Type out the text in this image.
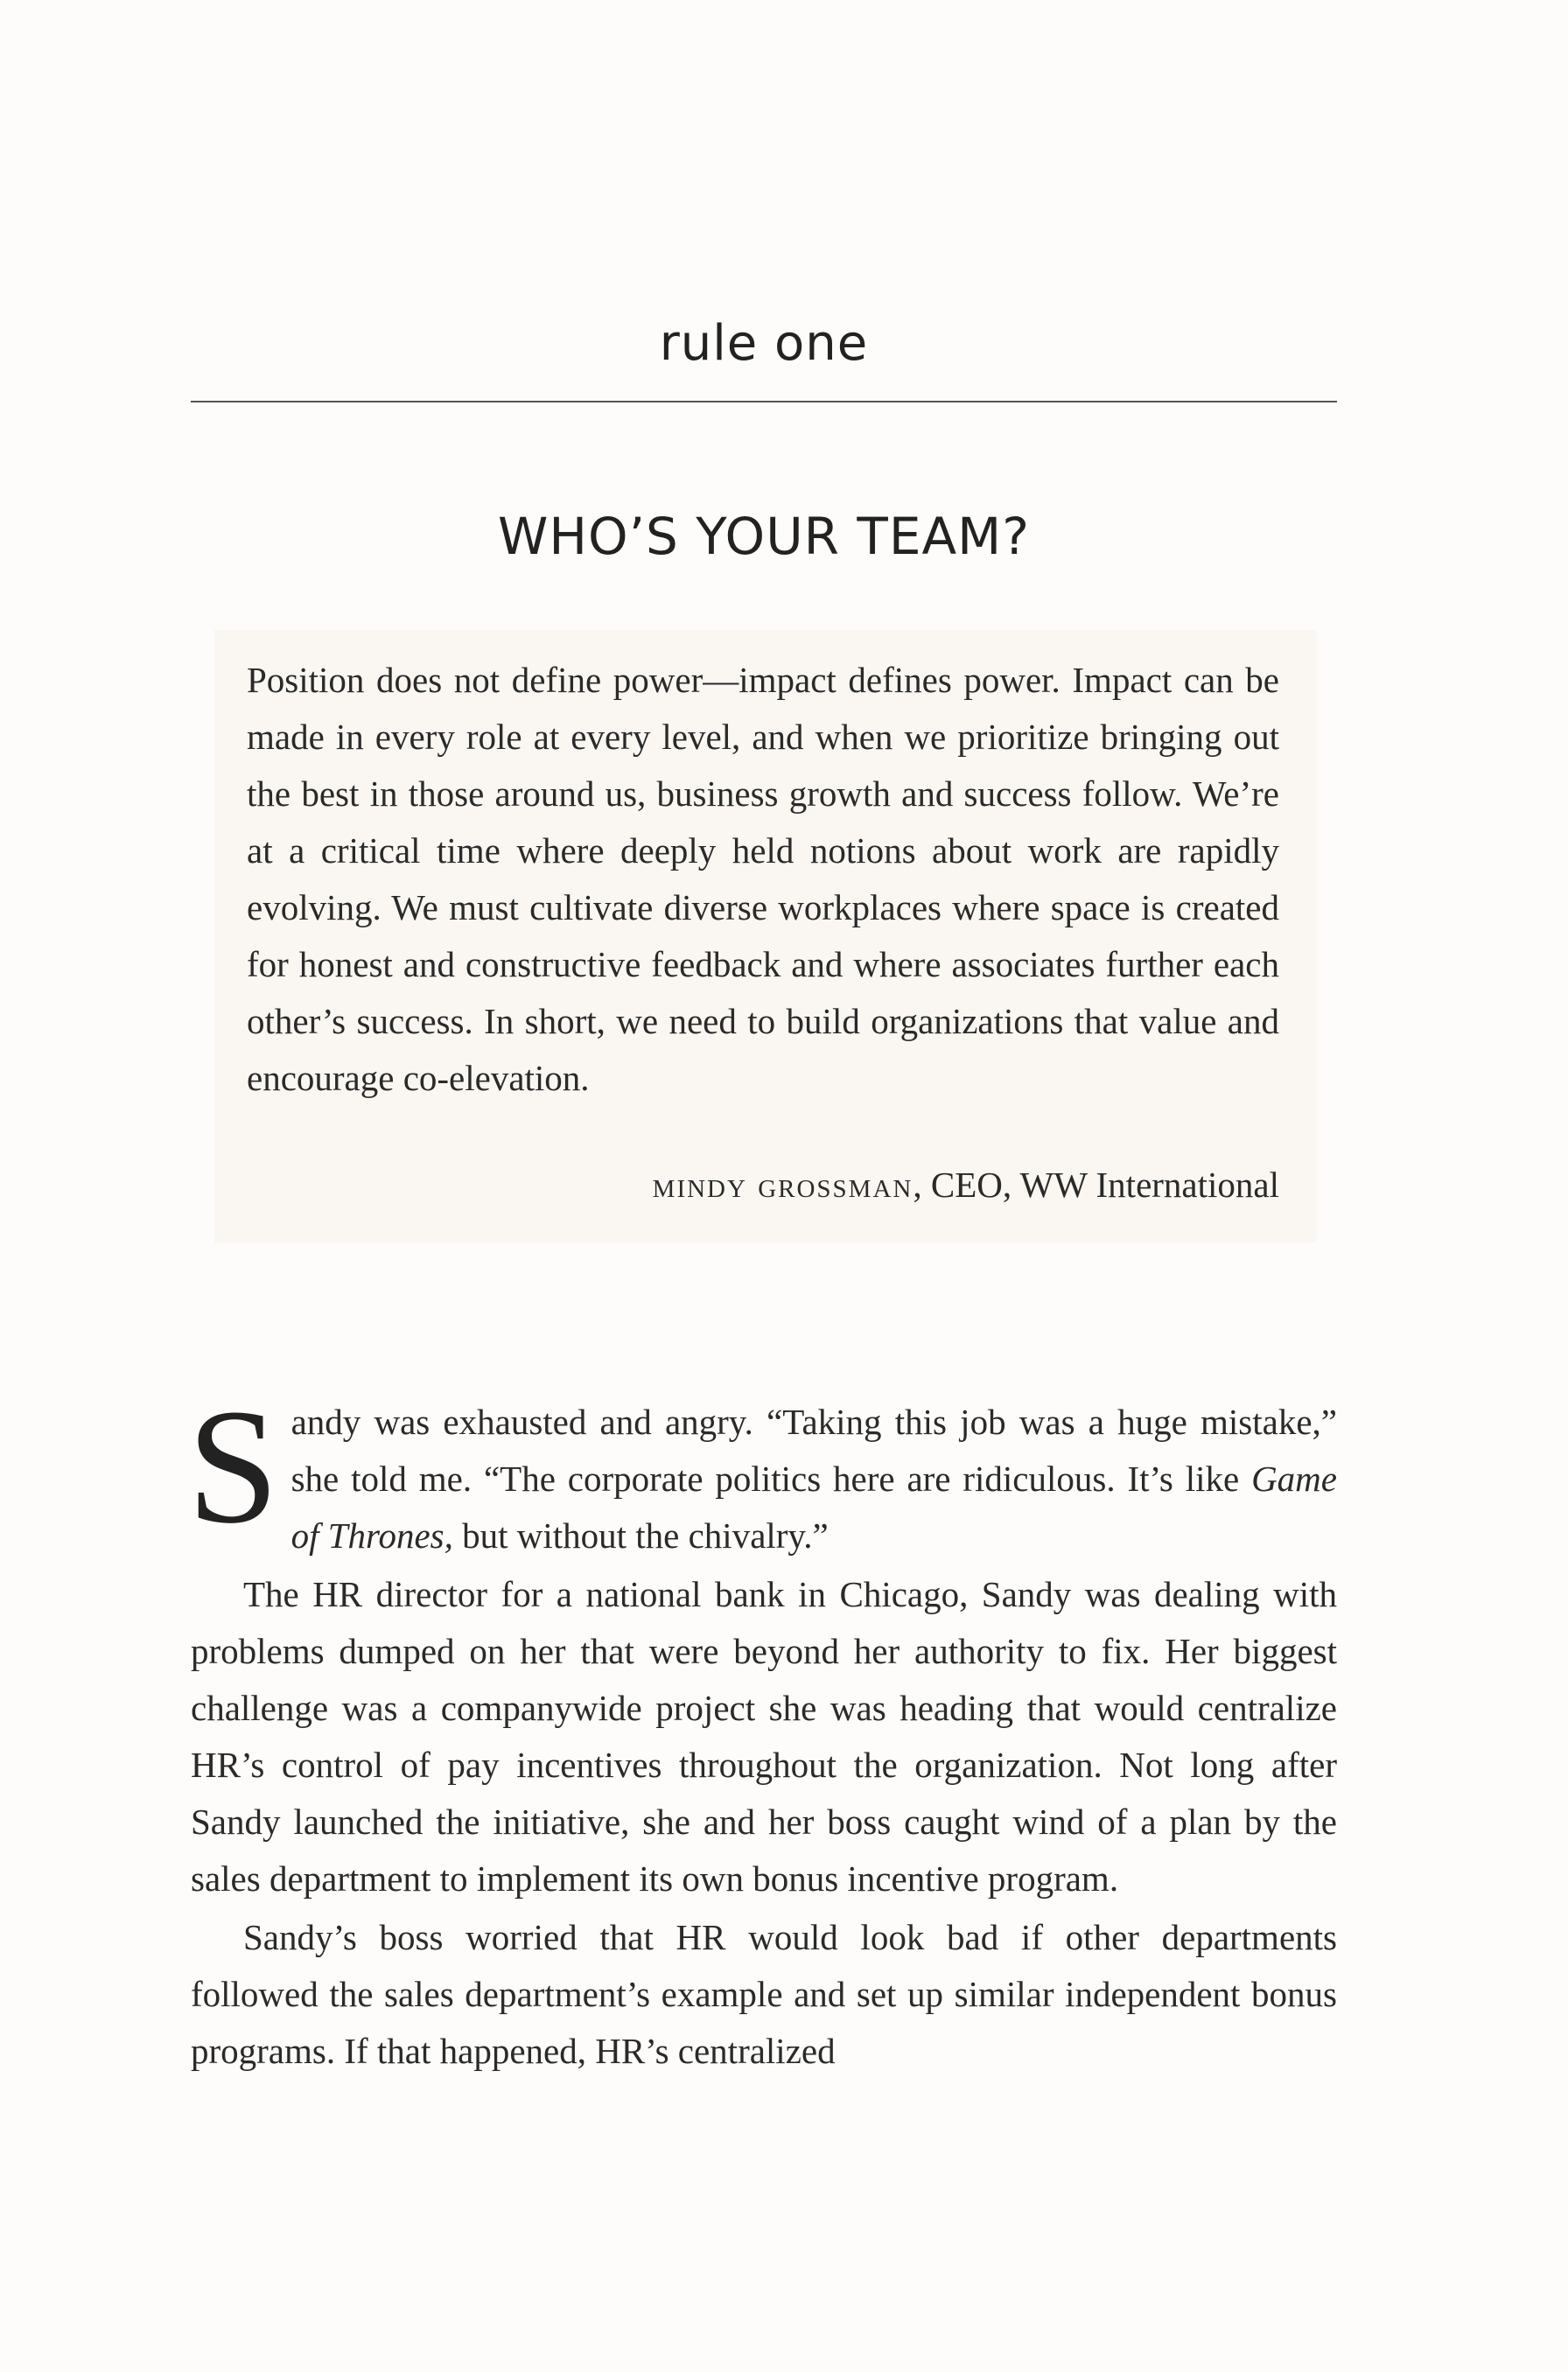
rule one
WHO’S YOUR TEAM?
Position does not define power—impact defines power. Impact can be made in every role at every level, and when we prioritize bringing out the best in those around us, business growth and success follow. We’re at a critical time where deeply held notions about work are rapidly evolving. We must cultivate diverse workplaces where space is created for honest and constructive feedback and where associates further each other’s success. In short, we need to build organizations that value and encourage co-elevation.
mindy grossman, CEO, WW International

Sandy was exhausted and angry. “Taking this job was a huge mistake,” she told me. “The corporate politics here are ridiculous. It’s like Game of Thrones, but without the chivalry.”

The HR director for a national bank in Chicago, Sandy was dealing with problems dumped on her that were beyond her authority to fix. Her biggest challenge was a companywide project she was heading that would centralize HR’s control of pay incentives throughout the organization. Not long after Sandy launched the initiative, she and her boss caught wind of a plan by the sales department to implement its own bonus incentive program.

Sandy’s boss worried that HR would look bad if other departments followed the sales department’s example and set up similar independent bonus programs. If that happened, HR’s centralized
